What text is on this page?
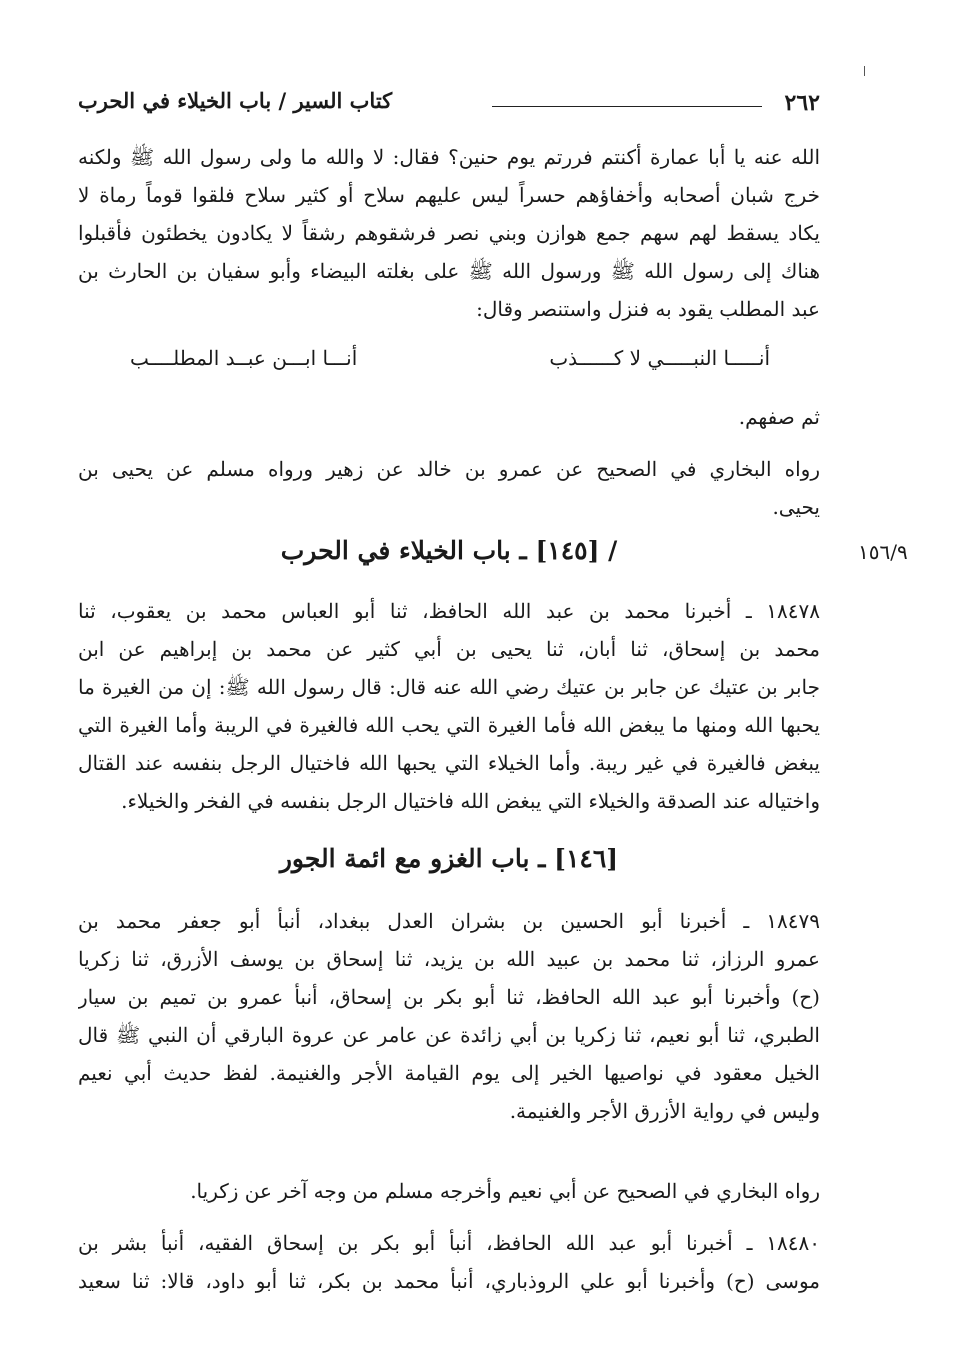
٢٦٢
كتاب السير / باب الخيلاء في الحرب
١٥٦/٩
الله عنه يا أبا عمارة أكنتم فررتم يوم حنين؟ فقال: لا والله ما ولى رسول الله ﷺ ولكنه
خرج شبان أصحابه وأخفاؤهم حسراً ليس عليهم سلاح أو كثير سلاح فلقوا قوماً رماة لا
يكاد يسقط لهم سهم جمع هوازن وبني نصر فرشقوهم رشقاً لا يكادون يخطئون فأقبلوا
هناك إلى رسول الله ﷺ ورسول الله ﷺ على بغلته البيضاء وأبو سفيان بن الحارث بن
عبد المطلب يقود به فنزل واستنصر وقال:
أنـــــا النبـــــي لا كــــــذب
أنـــا ابـــن عبــد المطلــــب
ثم صفهم.
رواه البخاري في الصحيح عن عمرو بن خالد عن زهير ورواه مسلم عن يحيى بن
يحيى.
/ [١٤٥] ـ باب الخيلاء في الحرب
١٨٤٧٨ ـ أخبرنا محمد بن عبد الله الحافظ، ثنا أبو العباس محمد بن يعقوب، ثنا
محمد بن إسحاق، ثنا أبان، ثنا يحيى بن أبي كثير عن محمد بن إبراهيم عن ابن
جابر بن عتيك عن جابر بن عتيك رضي الله عنه قال: قال رسول الله ﷺ: إن من الغيرة ما
يحبها الله ومنها ما يبغض الله فأما الغيرة التي يحب الله فالغيرة في الريبة وأما الغيرة التي
يبغض فالغيرة في غير ريبة. وأما الخيلاء التي يحبها الله فاختيال الرجل بنفسه عند القتال
واختياله عند الصدقة والخيلاء التي يبغض الله فاختيال الرجل بنفسه في الفخر والخيلاء.
[١٤٦] ـ باب الغزو مع ائمة الجور
١٨٤٧٩ ـ أخبرنا أبو الحسين بن بشران العدل ببغداد، أنبأ أبو جعفر محمد بن
عمرو الرزاز، ثنا محمد بن عبيد الله بن يزيد، ثنا إسحاق بن يوسف الأزرق، ثنا زكريا
(ح) وأخبرنا أبو عبد الله الحافظ، ثنا أبو بكر بن إسحاق، أنبأ عمرو بن تميم بن سيار
الطبري، ثنا أبو نعيم، ثنا زكريا بن أبي زائدة عن عامر عن عروة البارقي أن النبي ﷺ قال
الخيل معقود في نواصيها الخير إلى يوم القيامة الأجر والغنيمة. لفظ حديث أبي نعيم
وليس في رواية الأزرق الأجر والغنيمة.
رواه البخاري في الصحيح عن أبي نعيم وأخرجه مسلم من وجه آخر عن زكريا.
١٨٤٨٠ ـ أخبرنا أبو عبد الله الحافظ، أنبأ أبو بكر بن إسحاق الفقيه، أنبأ بشر بن
موسى (ح) وأخبرنا أبو علي الروذباري، أنبأ محمد بن بكر، ثنا أبو داود، قالا: ثنا سعيد
